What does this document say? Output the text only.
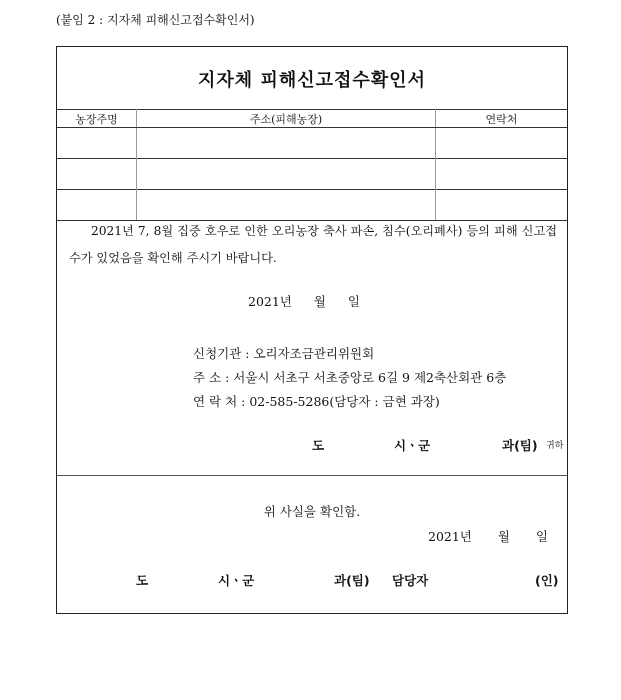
(붙임 2 : 지자체 피해신고접수확인서)
지자체 피해신고접수확인서
농장주명	주소(피해농장)	연락처

2021년 7, 8월 집중 호우로 인한 오리농장 축사 파손, 침수(오리폐사) 등의 피해 신고접수가 있었음을 확인해 주시기 바랍니다.
2021년 월 일
신청기관 : 오리자조금관리위원회
주 소 : 서울시 서초구 서초중앙로 6길 9 제2축산회관 6층
연 락 처 : 02-585-5286(담당자 : 금현 과장)
도	시ㆍ군	과(팀) 귀하
위 사실을 확인함.
2021년 월 일
도	시ㆍ군	과(팀) 담당자	(인)
